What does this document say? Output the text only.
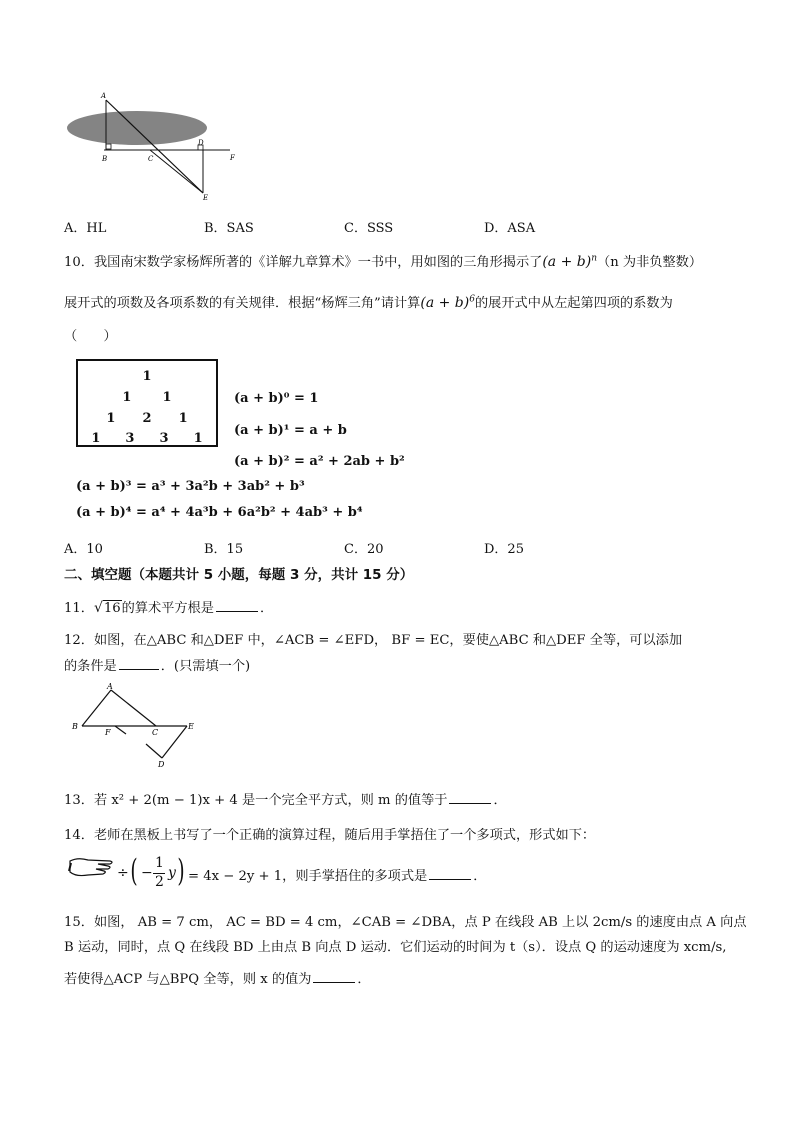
A
B	C
D
E
F
A．HL	B．SAS	C．SSS	D．ASA
10．我国南宋数学家杨辉所著的《详解九章算术》一书中，用如图的三角形揭示了$(a + b)^n(n$ 为非负整数）
展开式的项数及各项系数的有关规律．根据“杨辉三角”请计算$(a + b)^6$的展开式中从左起第四项的系数为
（　　）
1
1 1
1 2 1
1 3 3 1
(a + b)⁰ = 1
(a + b)¹ = a + b
(a + b)² = a² + 2ab + b²
(a + b)³ = a³ + 3a²b + 3ab² + b³
(a + b)⁴ = a⁴ + 4a³b + 6a²b² + 4ab³ + b⁴
A．10	B．15	C．20	D．25
二、填空题（本题共计 5 小题，每题 3 分，共计 15 分）
11．√16的算术平方根是	．
12．如图，在△ABC 和△DEF 中，∠ACB = ∠EFD， BF = EC，要使△ABC 和△DEF 全等，可以添加
的条件是	．(只需填一个)
A
B
F	C
E
D
13．若 x² + 2(m − 1)x + 4 是一个完全平方式，则 m 的值等于	．
14．老师在黑板上书写了一个正确的演算过程，随后用手掌捂住了一个多项式，形式如下：
÷ ( −
1
2
y ) = 4x − 2y + 1，则手掌捂住的多项式是	．
15．如图， AB = 7 cm， AC = BD = 4 cm，∠CAB = ∠DBA，点 P 在线段 AB 上以 2cm/s 的速度由点 A 向点
B 运动，同时，点 Q 在线段 BD 上由点 B 向点 D 运动．它们运动的时间为 t（s）．设点 Q 的运动速度为 xcm/s,
若使得△ACP 与△BPQ 全等，则 x 的值为	．
